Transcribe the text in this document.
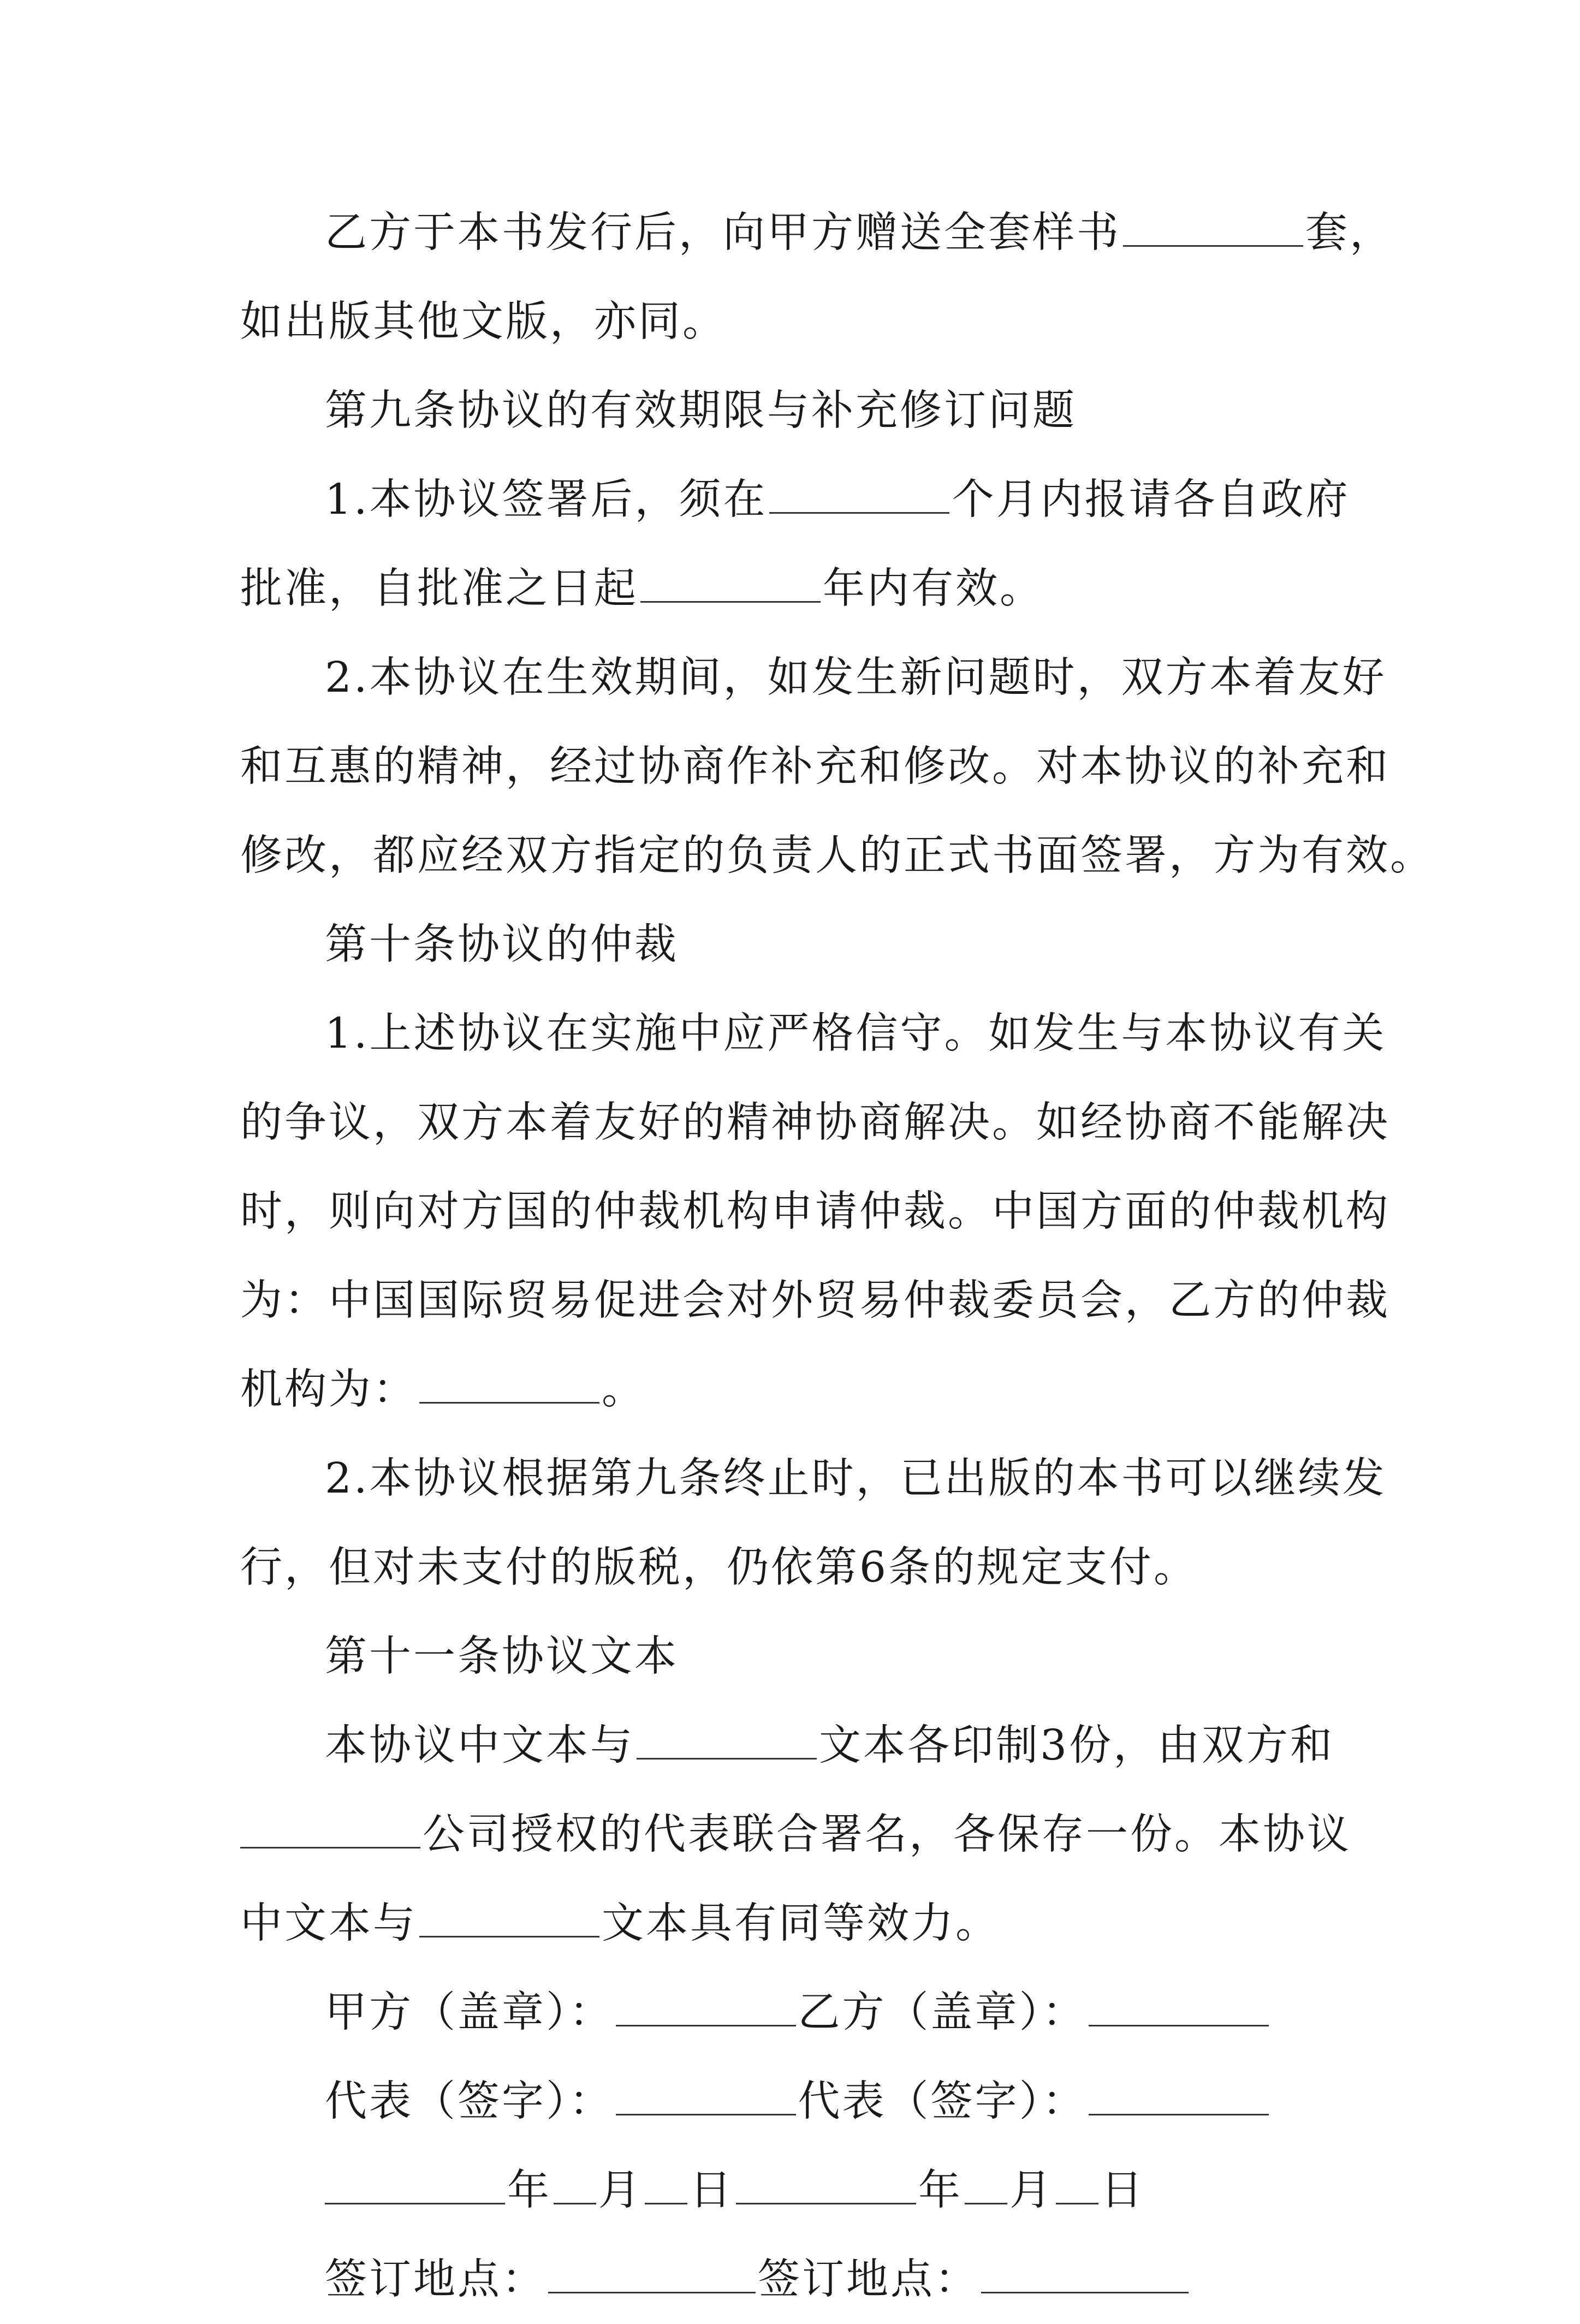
乙方于本书发行后，向甲方赠送全套样书	套，
如出版其他文版，亦同。
第九条协议的有效期限与补充修订问题
1.本协议签署后，须在	个月内报请各自政府
批准，自批准之日起	年内有效。
2.本协议在生效期间，如发生新问题时，双方本着友好
和互惠的精神，经过协商作补充和修改。对本协议的补充和
修改，都应经双方指定的负责人的正式书面签署，方为有效。
第十条协议的仲裁
1.上述协议在实施中应严格信守。如发生与本协议有关
的争议，双方本着友好的精神协商解决。如经协商不能解决
时，则向对方国的仲裁机构申请仲裁。中国方面的仲裁机构
为：中国国际贸易促进会对外贸易仲裁委员会，乙方的仲裁
机构为：	。
2.本协议根据第九条终止时，已出版的本书可以继续发
行，但对未支付的版税，仍依第6条的规定支付。
第十一条协议文本
本协议中文本与	文本各印制3份，由双方和
公司授权的代表联合署名，各保存一份。本协议
中文本与	文本具有同等效力。
甲方（盖章）：	乙方（盖章）：
代表（签字）：	代表（签字）：
年 月 日	年 月 日
签订地点：	签订地点：
